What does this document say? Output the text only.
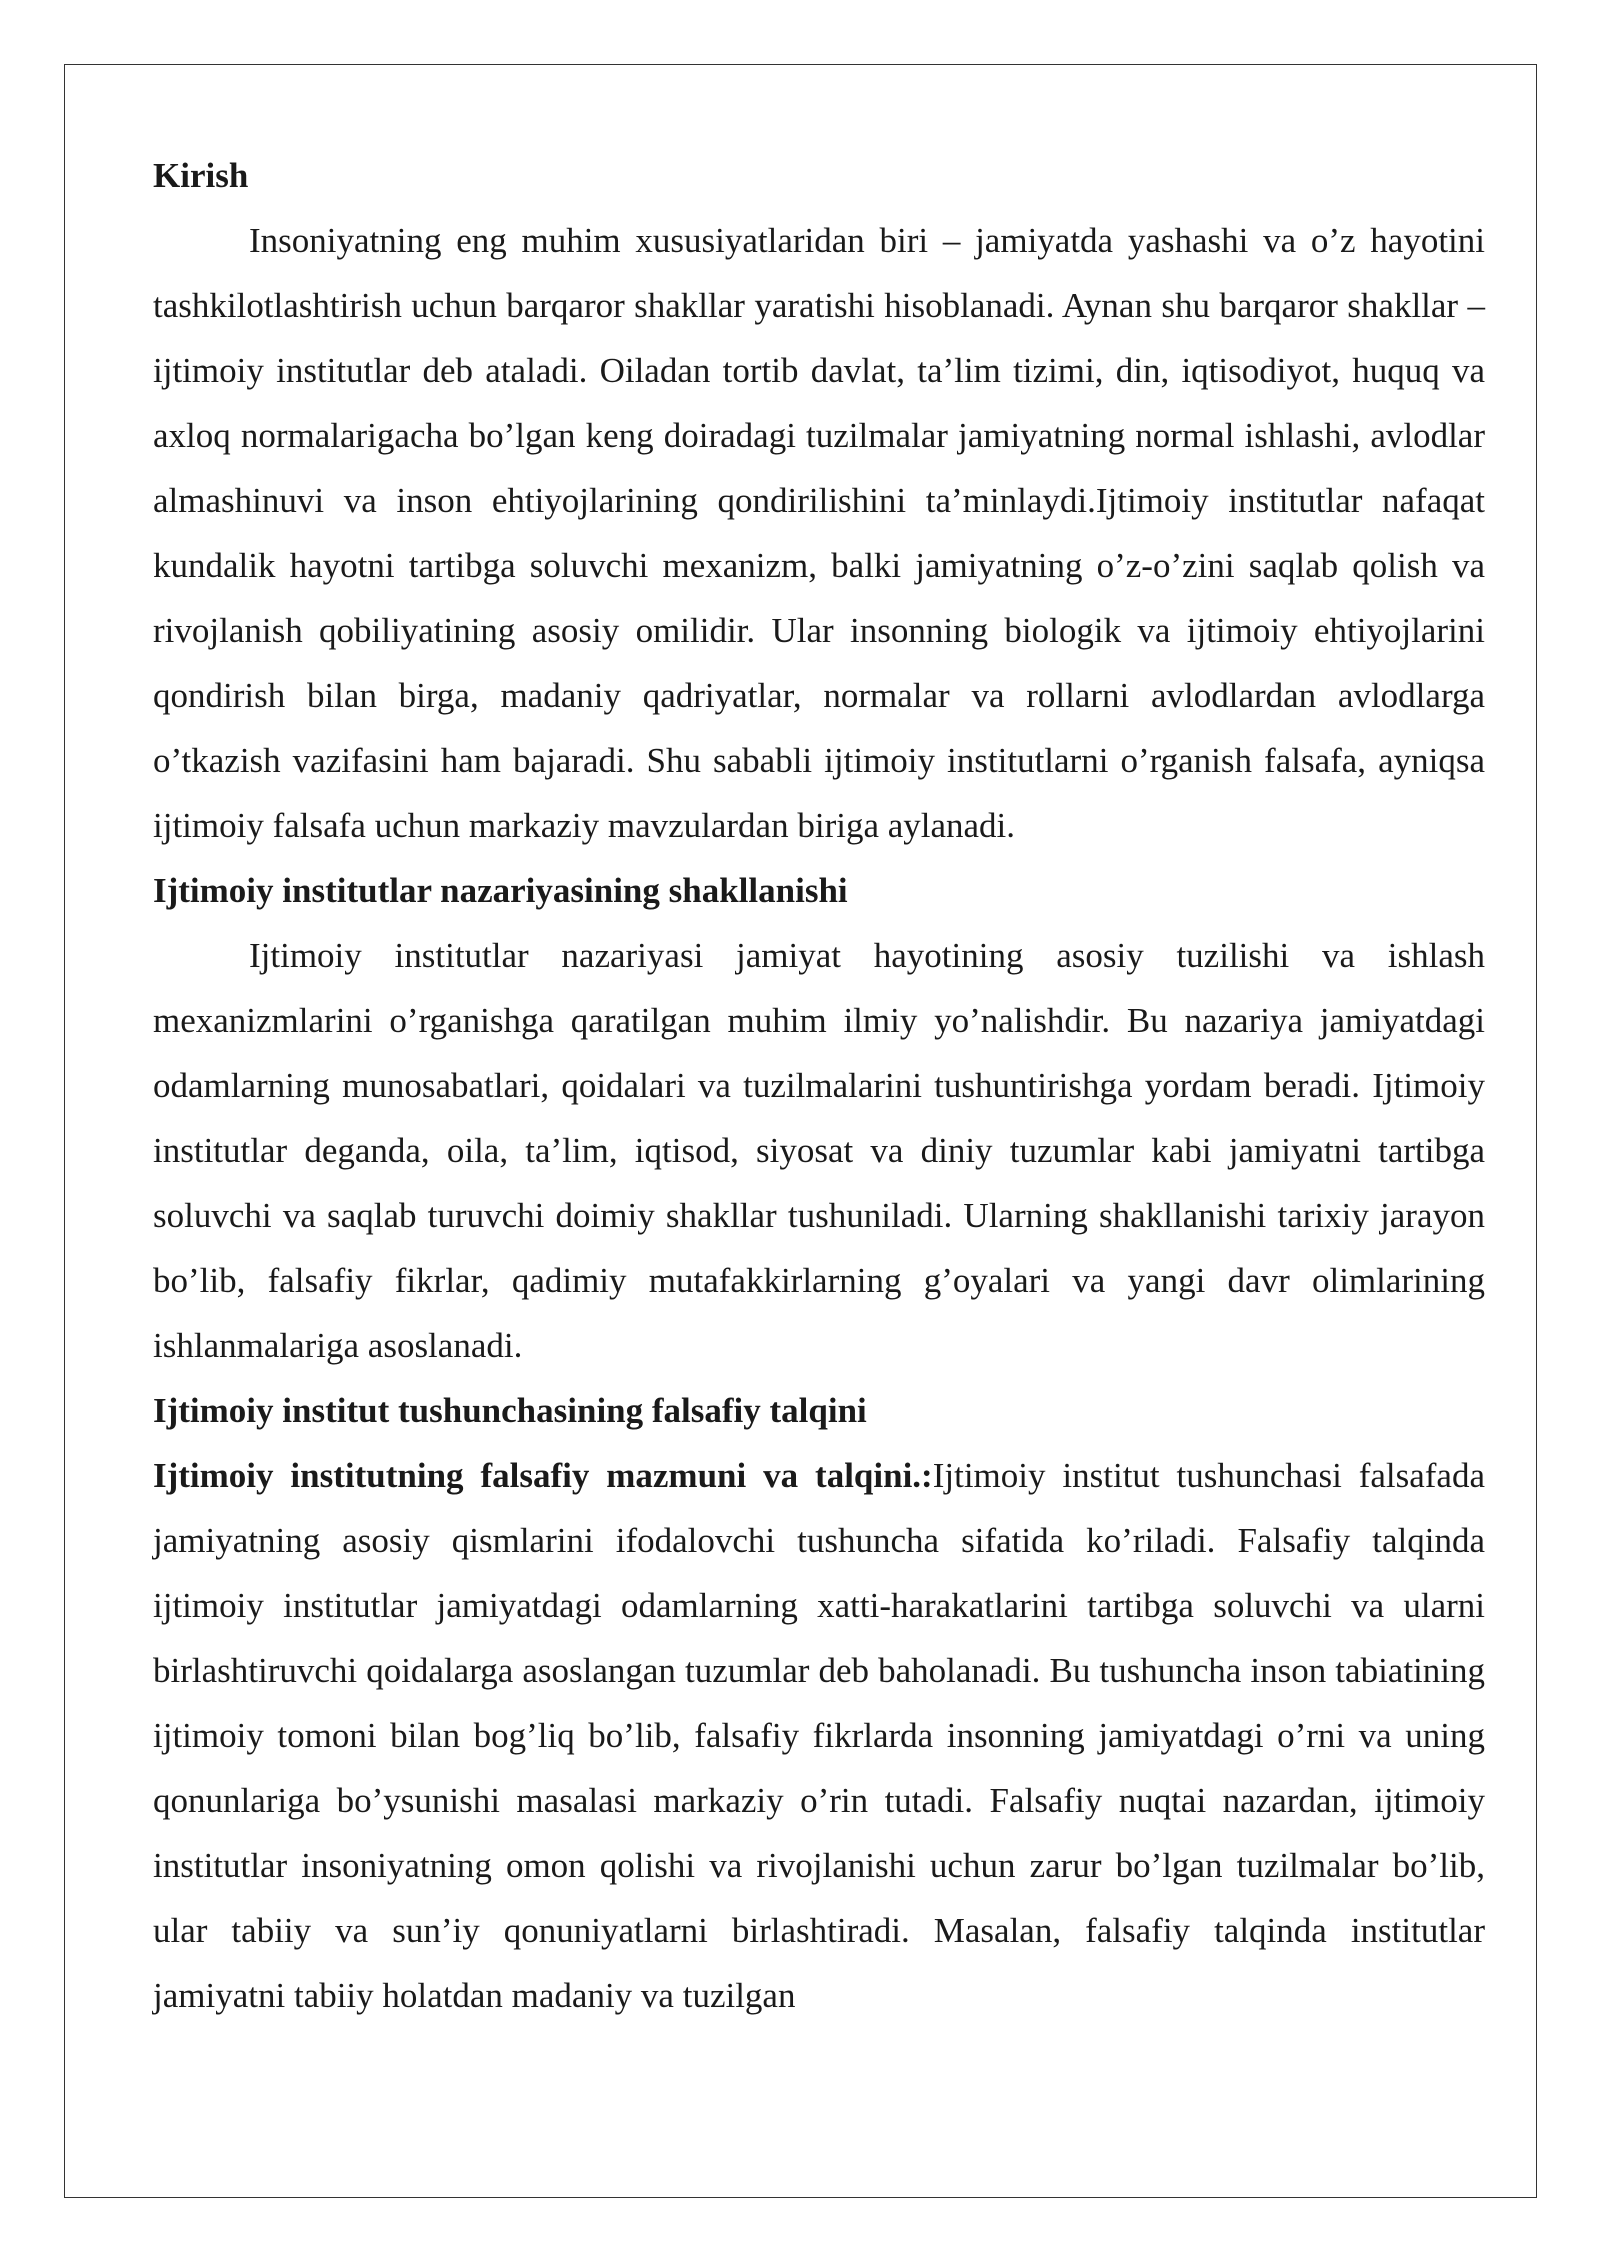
Kirish

Insoniyatning eng muhim xususiyatlaridan biri – jamiyatda yashashi va o’z hayotini tashkilotlashtirish uchun barqaror shakllar yaratishi hisoblanadi. Aynan shu barqaror shakllar – ijtimoiy institutlar deb ataladi. Oiladan tortib davlat, ta’lim tizimi, din, iqtisodiyot, huquq va axloq normalarigacha bo’lgan keng doiradagi tuzilmalar jamiyatning normal ishlashi, avlodlar almashinuvi va inson ehtiyojlarining qondirilishini ta’minlaydi.Ijtimoiy institutlar nafaqat kundalik hayotni tartibga soluvchi mexanizm, balki jamiyatning o’z-o’zini saqlab qolish va rivojlanish qobiliyatining asosiy omilidir. Ular insonning biologik va ijtimoiy ehtiyojlarini qondirish bilan birga, madaniy qadriyatlar, normalar va rollarni avlodlardan avlodlarga o’tkazish vazifasini ham bajaradi. Shu sababli ijtimoiy institutlarni o’rganish falsafa, ayniqsa ijtimoiy falsafa uchun markaziy mavzulardan biriga aylanadi.

Ijtimoiy institutlar nazariyasining shakllanishi

Ijtimoiy institutlar nazariyasi jamiyat hayotining asosiy tuzilishi va ishlash mexanizmlarini o’rganishga qaratilgan muhim ilmiy yo’nalishdir. Bu nazariya jamiyatdagi odamlarning munosabatlari, qoidalari va tuzilmalarini tushuntirishga yordam beradi. Ijtimoiy institutlar deganda, oila, ta’lim, iqtisod, siyosat va diniy tuzumlar kabi jamiyatni tartibga soluvchi va saqlab turuvchi doimiy shakllar tushuniladi. Ularning shakllanishi tarixiy jarayon bo’lib, falsafiy fikrlar, qadimiy mutafakkirlarning g’oyalari va yangi davr olimlarining ishlanmalariga asoslanadi.

Ijtimoiy institut tushunchasining falsafiy talqini

Ijtimoiy institutning falsafiy mazmuni va talqini.:Ijtimoiy institut tushunchasi falsafada jamiyatning asosiy qismlarini ifodalovchi tushuncha sifatida ko’riladi. Falsafiy talqinda ijtimoiy institutlar jamiyatdagi odamlarning xatti-harakatlarini tartibga soluvchi va ularni birlashtiruvchi qoidalarga asoslangan tuzumlar deb baholanadi. Bu tushuncha inson tabiatining ijtimoiy tomoni bilan bog’liq bo’lib, falsafiy fikrlarda insonning jamiyatdagi o’rni va uning qonunlariga bo’ysunishi masalasi markaziy o’rin tutadi. Falsafiy nuqtai nazardan, ijtimoiy institutlar insoniyatning omon qolishi va rivojlanishi uchun zarur bo’lgan tuzilmalar bo’lib, ular tabiiy va sun’iy qonuniyatlarni birlashtiradi. Masalan, falsafiy talqinda institutlar jamiyatni tabiiy holatdan madaniy va tuzilgan
